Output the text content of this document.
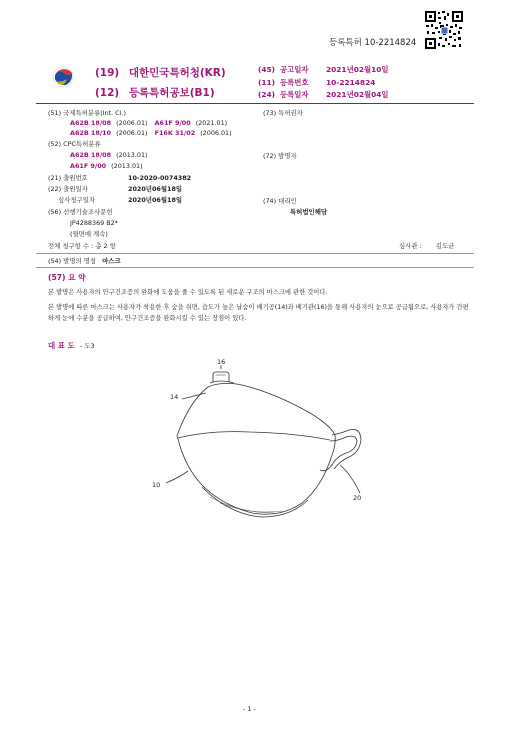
등록특허 10-2214824
(19) 대한민국특허청(KR)
(12) 등록특허공보(B1)
(45) 공고일자 2021년02월10일
(11) 등록번호 10-2214824
(24) 등록일자 2021년02월04일
(51) 국제특허분류(Int. Cl.)
A62B 18/08 (2006.01) A61F 9/00 (2021.01)
A62B 18/10 (2006.01) F16K 31/02 (2006.01)
(52) CPC특허분류
A62B 18/08 (2013.01)
A61F 9/00 (2013.01)
(21) 출원번호	10-2020-0074382
(22) 출원일자	2020년06월18일
심사청구일자	2020년06월18일
(56) 선행기술조사문헌
JP4288369 B2*
(뒷면에 계속)
(73) 특허권자
(72) 발명자
(74) 대리인
특허법인해담
전체 청구항 수 : 총 2 항	심사관 : 김도균
(54) 발명의 명칭 마스크
(57) 요 약
본 발명은 사용자의 안구건조증의 완화에 도움을 줄 수 있도록 된 새로운 구조의 마스크에 관한 것이다.
본 발명에 따른 마스크는 사용자가 착용한 후 숨을 쉬면, 습도가 높은 날숨이 배기공(14)과 배기관(16)을 통해 사용자의 눈으로 공급됨으로, 사용자가 간편하게 눈에 수분을 공급하여, 안구건조증을 완화시킬 수 있는 장점이 있다.
대 표 도 - 도3
16
14
10
20
- 1 -
